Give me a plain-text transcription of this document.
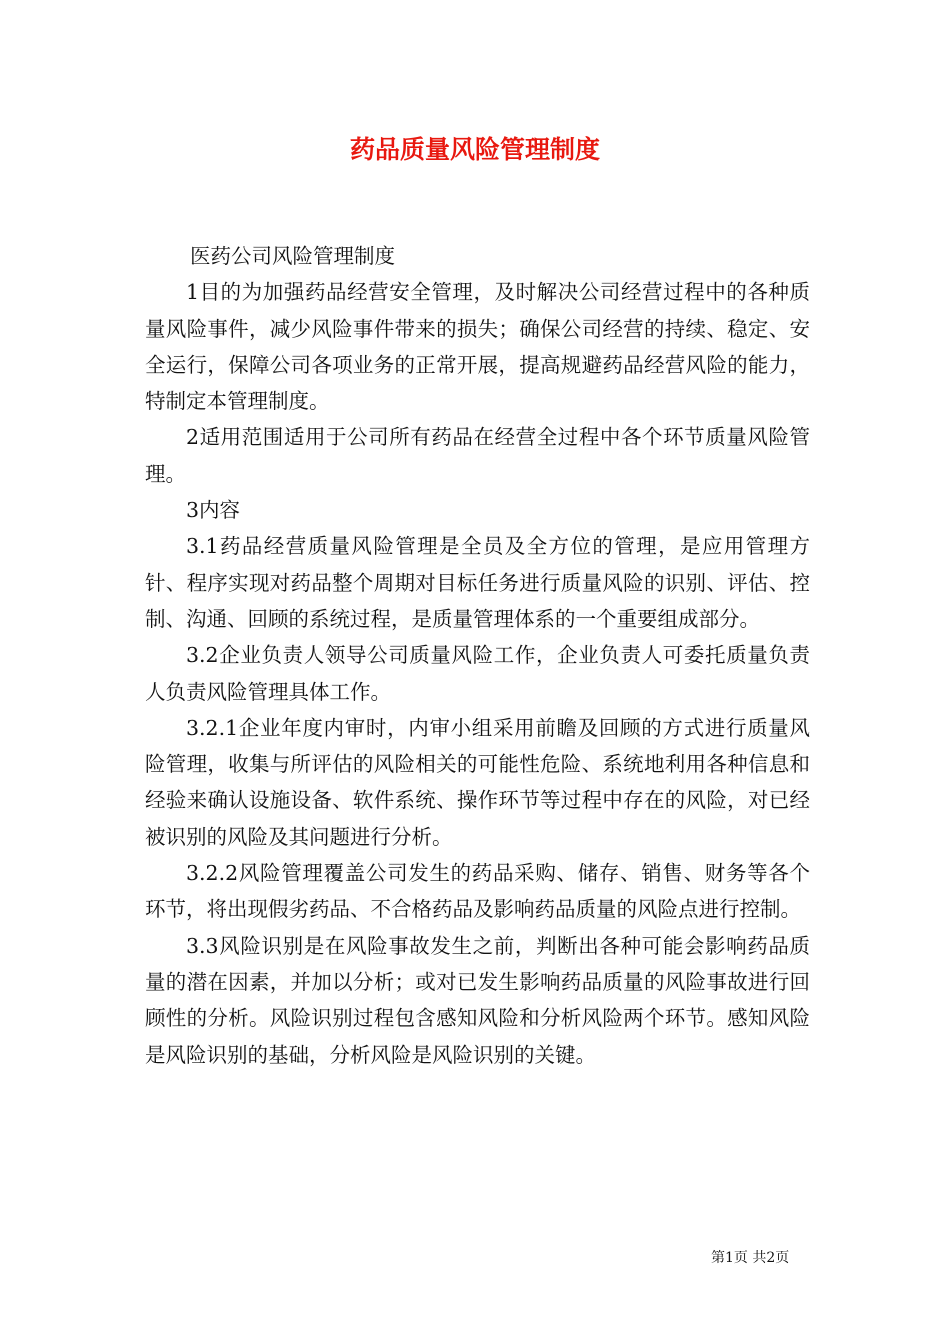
药品质量风险管理制度

医药公司风险管理制度

1目的为加强药品经营安全管理，及时解决公司经营过程中的各种质量风险事件，减少风险事件带来的损失；确保公司经营的持续、稳定、安全运行，保障公司各项业务的正常开展，提高规避药品经营风险的能力，特制定本管理制度。

2适用范围适用于公司所有药品在经营全过程中各个环节质量风险管理。

3内容

3.1药品经营质量风险管理是全员及全方位的管理，是应用管理方针、程序实现对药品整个周期对目标任务进行质量风险的识别、评估、控制、沟通、回顾的系统过程，是质量管理体系的一个重要组成部分。

3.2企业负责人领导公司质量风险工作，企业负责人可委托质量负责人负责风险管理具体工作。

3.2.1企业年度内审时，内审小组采用前瞻及回顾的方式进行质量风险管理，收集与所评估的风险相关的可能性危险、系统地利用各种信息和经验来确认设施设备、软件系统、操作环节等过程中存在的风险，对已经被识别的风险及其问题进行分析。

3.2.2风险管理覆盖公司发生的药品采购、储存、销售、财务等各个环节，将出现假劣药品、不合格药品及影响药品质量的风险点进行控制。

3.3风险识别是在风险事故发生之前，判断出各种可能会影响药品质量的潜在因素，并加以分析；或对已发生影响药品质量的风险事故进行回顾性的分析。风险识别过程包含感知风险和分析风险两个环节。感知风险是风险识别的基础，分析风险是风险识别的关键。

第1页 共2页
